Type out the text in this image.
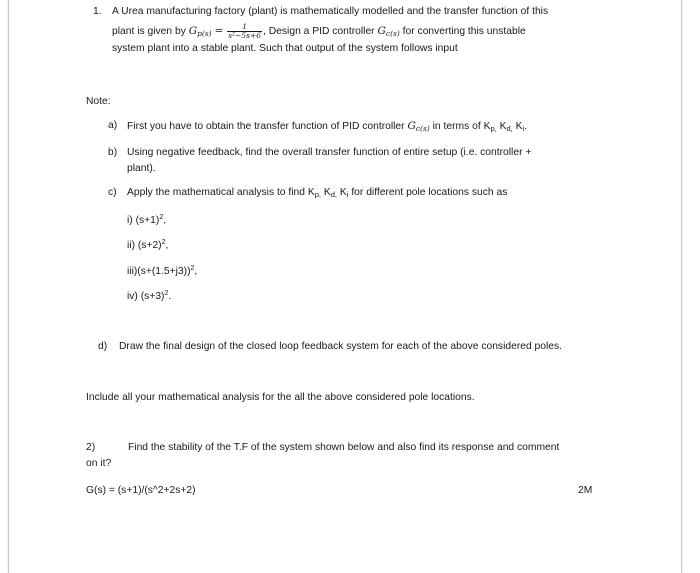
1. A Urea manufacturing factory (plant) is mathematically modelled and the transfer function of this
plant is given by $G_{p(s)} = \frac{1}{\text{s²−5s+6}}$ , Design a PID controller $G_{c(s)}$ for converting this unstable
system plant into a stable plant. Such that output of the system follows input
Note:
a) First you have to obtain the transfer function of PID controller $G_{c(s)}$ in terms of $K_{p,}$ $K_{d,}$ $K_i$.
b) Using negative feedback, find the overall transfer function of entire setup (i.e. controller +
plant).
c) Apply the mathematical analysis to find $K_{p,}$ $K_{d,}$ $K_i$ for different pole locations such as
i) $(s+1)^2$,
ii) $(s+2)^2$,
$iii)(s+(1.5+j3))^2$,
iv) $(s+3)^2$.
d) Draw the final design of the closed loop feedback system for each of the above considered poles.
Include all your mathematical analysis for the all the above considered pole locations.
2)	Find the stability of the T.F of the system shown below and also find its response and comment
on it?
G(s) = (s+1)/(s^2+2s+2)	2M
